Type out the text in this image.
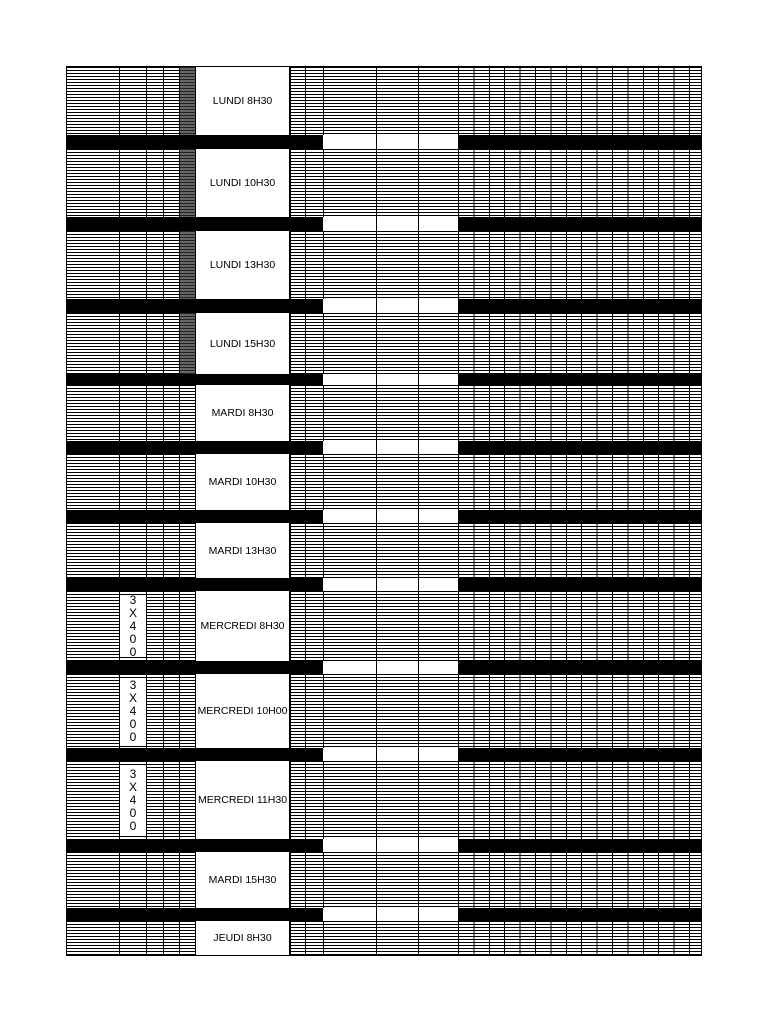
LUNDI 8H30
LUNDI 10H30
LUNDI 13H30
LUNDI 15H30
MARDI 8H30
MARDI 10H30
MARDI 13H30
3
X
4
0
0
MERCREDI 8H30
3
X
4
0
0
MERCREDI 10H00
3
X
4
0
0
MERCREDI 11H30
MARDI 15H30
JEUDI 8H30
